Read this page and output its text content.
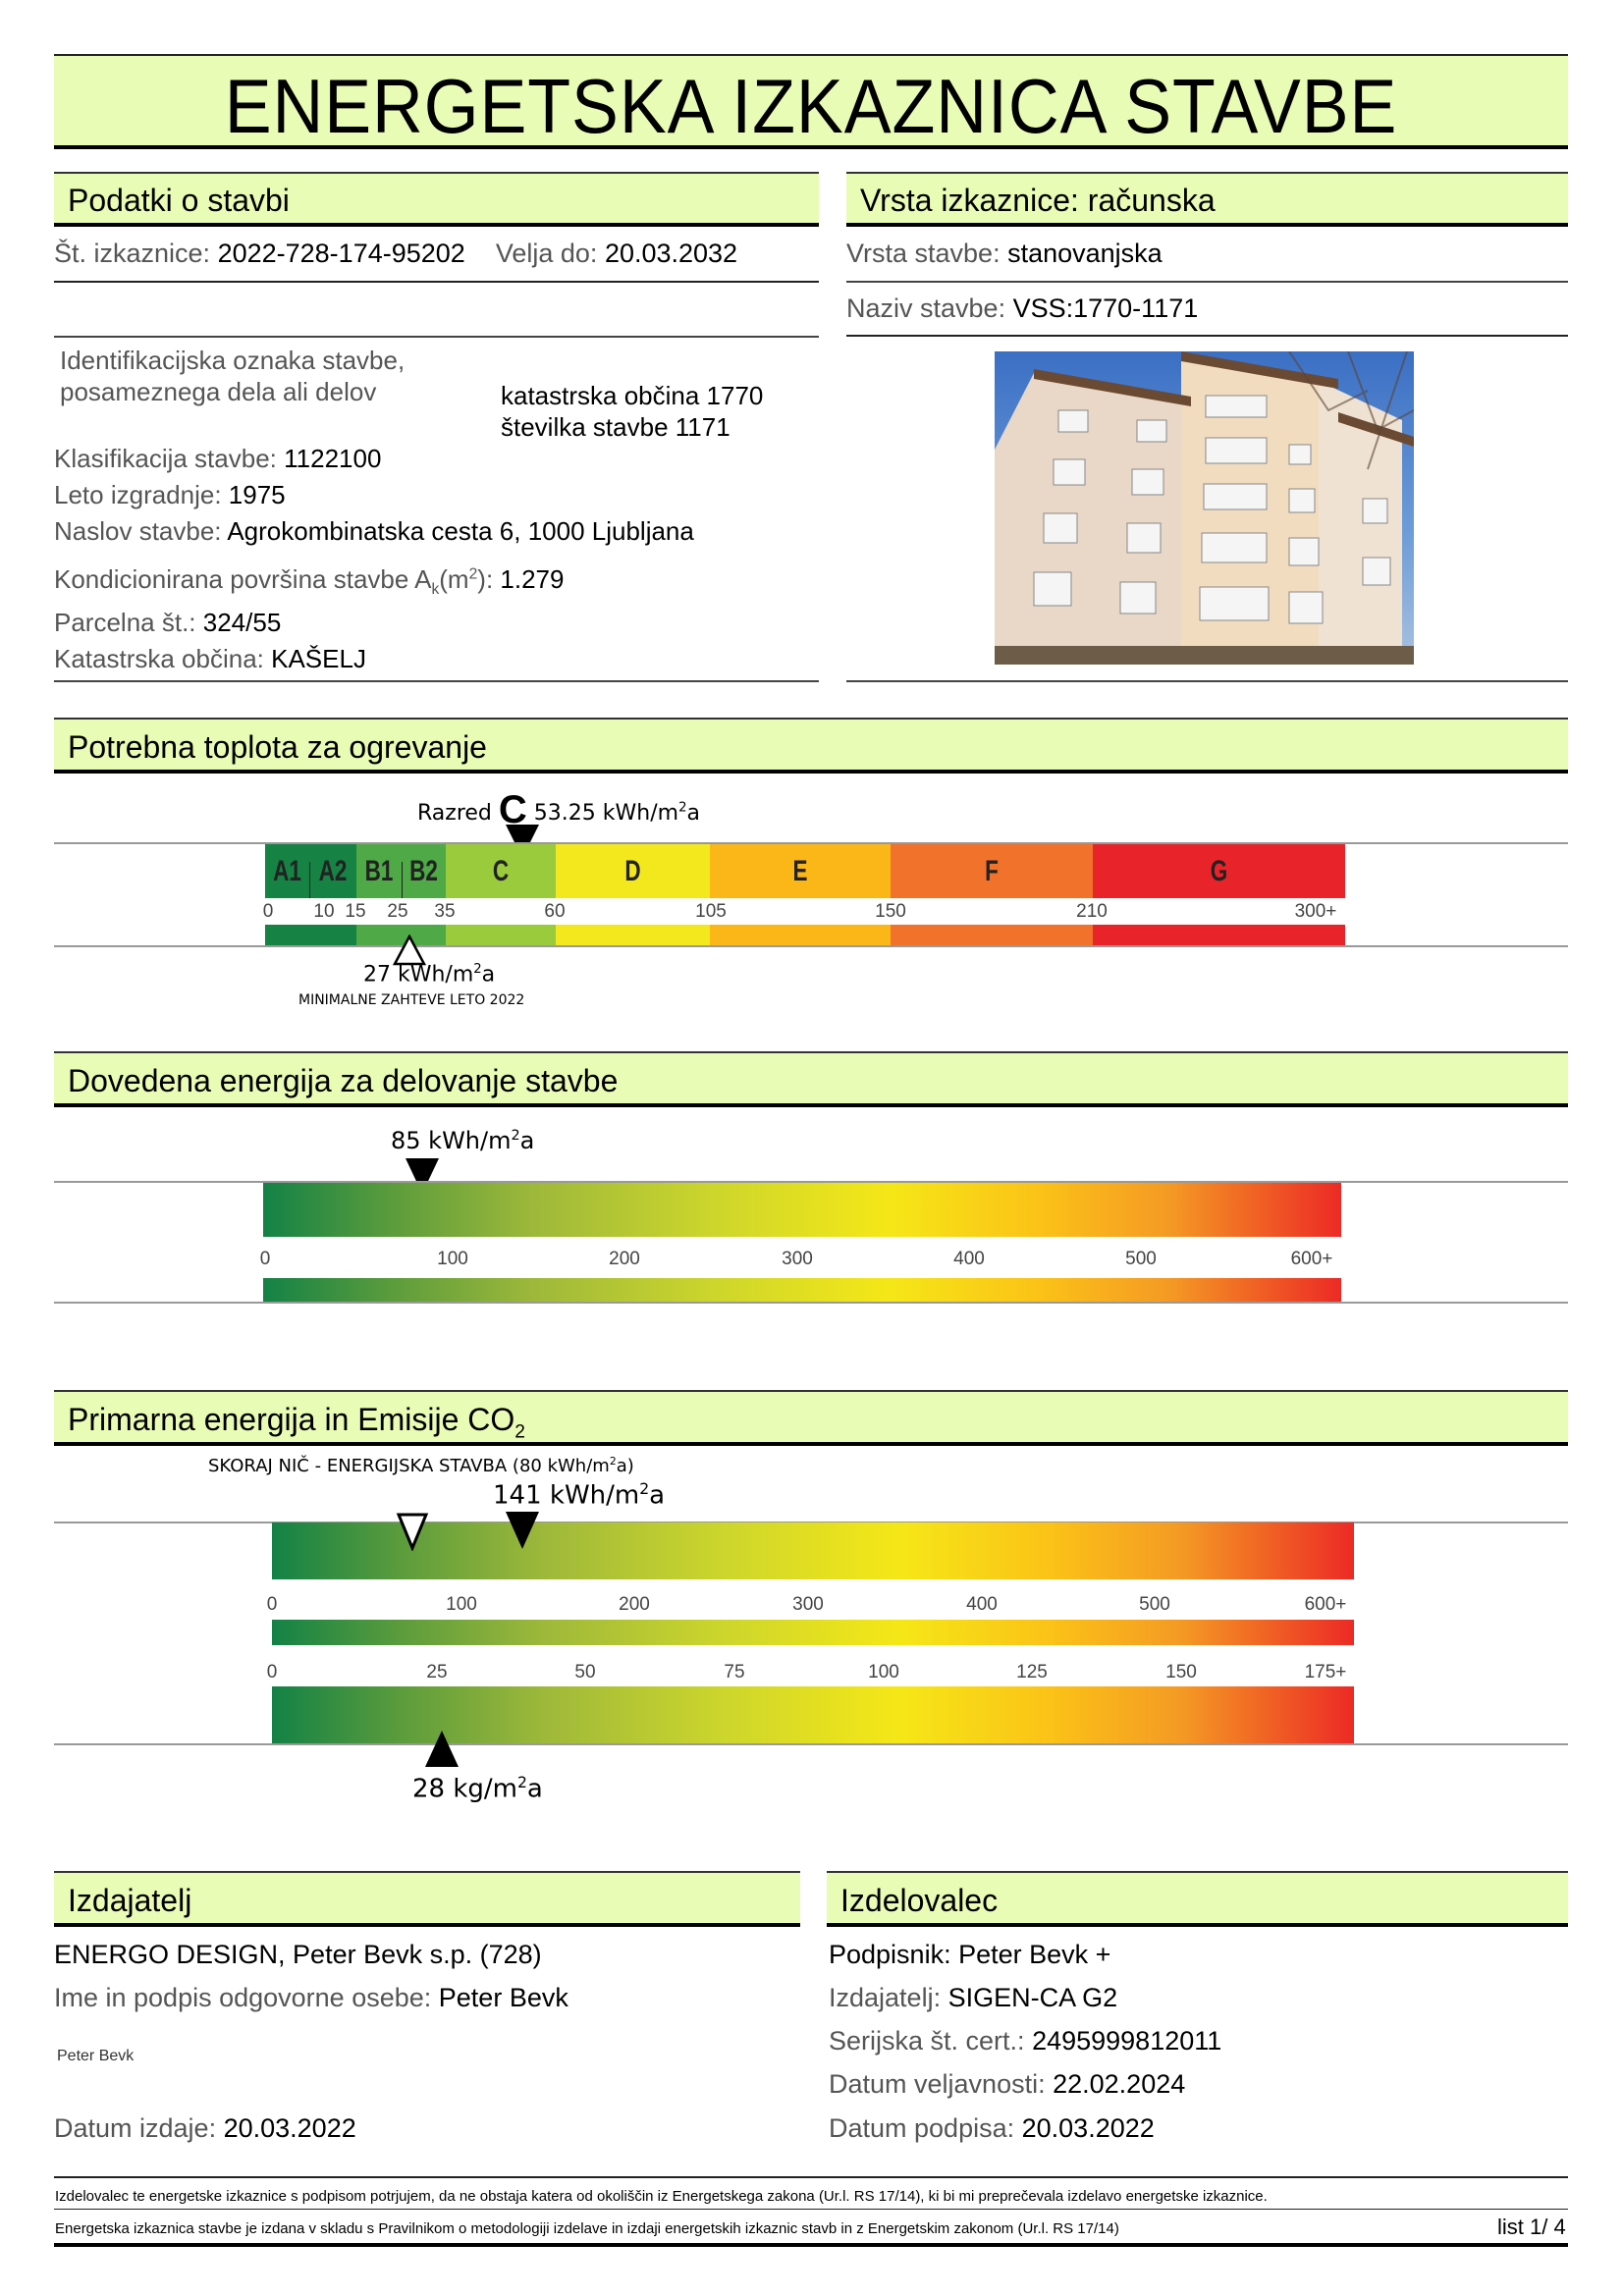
ENERGETSKA IZKAZNICA STAVBE
Podatki o stavbi
Št. izkaznice: 2022-728-174-95202 Velja do: 20.03.2032
Identifikacijska oznaka stavbe,
posameznega dela ali delov	katastrska občina 1770
številka stavbe 1171
Klasifikacija stavbe: 1122100
Leto izgradnje: 1975
Naslov stavbe: Agrokombinatska cesta 6, 1000 Ljubljana
Kondicionirana površina stavbe $A_k(m^2)$: 1.279
Parcelna št.: 324/55
Katastrska občina: KAŠELJ
Vrsta izkaznice: računska
Vrsta stavbe: stanovanjska
Naziv stavbe: VSS:1770-1171
Potrebna toplota za ogrevanje
Razred C 53.25 kWh/$m^2a$
A1 A2 B1 B2	C	D	E	F	G
0 10 15 25 35	60	105	150	210	300+
27 kWh/$m^2a$
MINIMALNE ZAHTEVE LETO 2022
Dovedena energija za delovanje stavbe
85 kWh/$m^2a$
0	100	200	300	400	500	600+
Primarna energija in Emisije $CO_2$
SKORAJ NIČ - ENERGIJSKA STAVBA (80 kWh/$m^2a$)
141 kWh/$m^2a$
0	100	200	300	400	500	600+
0	25	50	75	100	125	150	175+
28 $kg/m^2a$
Izdajatelj
ENERGO DESIGN, Peter Bevk s.p. (728)
Ime in podpis odgovorne osebe: Peter Bevk
Peter Bevk
Datum izdaje: 20.03.2022
Izdelovalec
Podpisnik: Peter Bevk +
Izdajatelj: SIGEN-CA G2
Serijska št. cert.: 2495999812011
Datum veljavnosti: 22.02.2024
Datum podpisa: 20.03.2022
Izdelovalec te energetske izkaznice s podpisom potrjujem, da ne obstaja katera od okoliščin iz Energetskega zakona (Ur.l. RS 17/14), ki bi mi preprečevala izdelavo energetske izkaznice.
Energetska izkaznica stavbe je izdana v skladu s Pravilnikom o metodologiji izdelave in izdaji energetskih izkaznic stavb in z Energetskim zakonom (Ur.l. RS 17/14)	list 1/ 4
